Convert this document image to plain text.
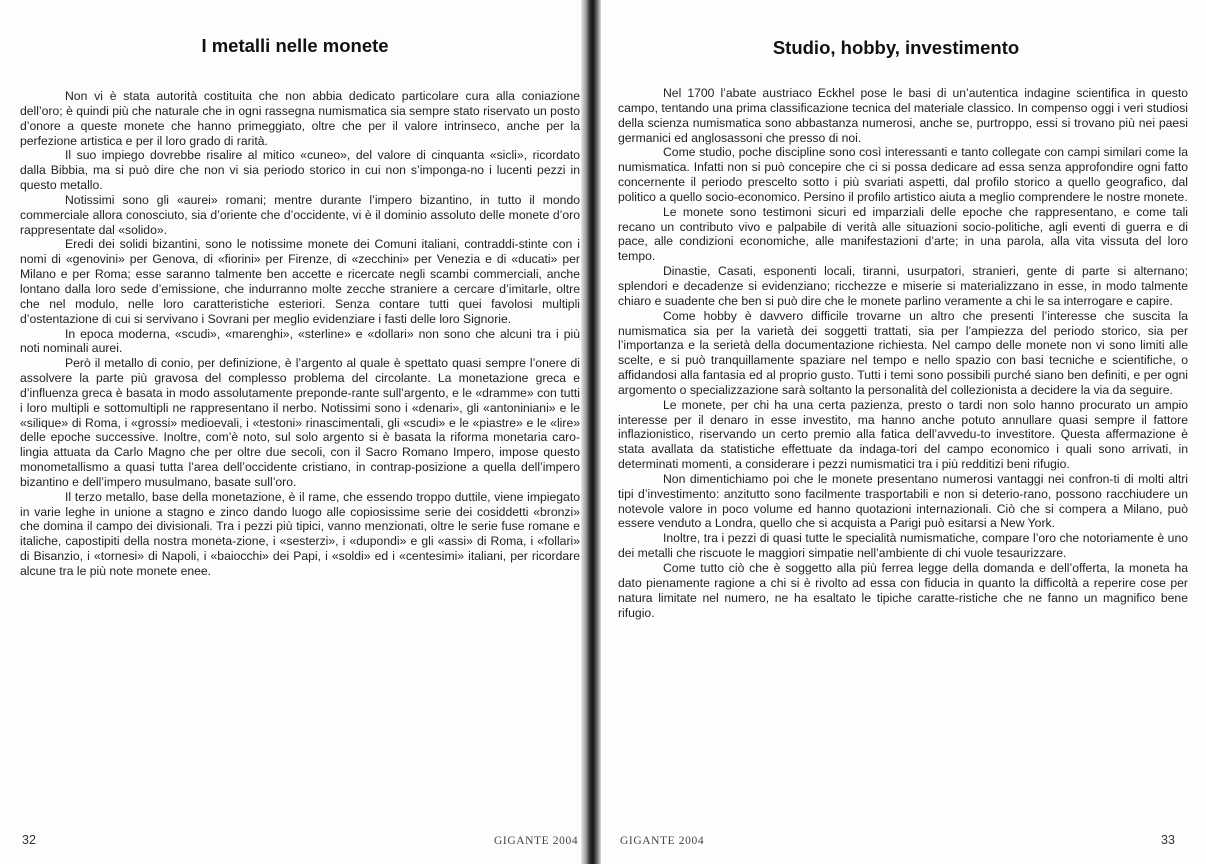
I metalli nelle monete

Non vi è stata autorità costituita che non abbia dedicato particolare cura alla coniazione dell’oro; è quindi più che naturale che in ogni rassegna numismatica sia sempre stato riservato un posto d’onore a queste monete che hanno primeggiato, oltre che per il valore intrinseco, anche per la perfezione artistica e per il loro grado di rarità.

Il suo impiego dovrebbe risalire al mitico «cuneo», del valore di cinquanta «sicli», ricordato dalla Bibbia, ma si può dire che non vi sia periodo storico in cui non s’imponga-no i lucenti pezzi in questo metallo.

Notissimi sono gli «aurei» romani; mentre durante l’impero bizantino, in tutto il mondo commerciale allora conosciuto, sia d’oriente che d’occidente, vi è il dominio assoluto delle monete d’oro rappresentate dal «solido».

Eredi dei solidi bizantini, sono le notissime monete dei Comuni italiani, contraddi-stinte con i nomi di «genovini» per Genova, di «fiorini» per Firenze, di «zecchini» per Venezia e di «ducati» per Milano e per Roma; esse saranno talmente ben accette e ricercate negli scambi commerciali, anche lontano dalla loro sede d’emissione, che indurranno molte zecche straniere a cercare d’imitarle, oltre che nel modulo, nelle loro caratteristiche esteriori. Senza contare tutti quei favolosi multipli d’ostentazione di cui si servivano i Sovrani per meglio evidenziare i fasti delle loro Signorie.

In epoca moderna, «scudi», «marenghi», «sterline» e «dollari» non sono che alcuni tra i più noti nominali aurei.

Però il metallo di conio, per definizione, è l’argento al quale è spettato quasi sempre l’onere di assolvere la parte più gravosa del complesso problema del circolante. La monetazione greca e d’influenza greca è basata in modo assolutamente preponde-rante sull’argento, e le «dramme» con tutti i loro multipli e sottomultipli ne rappresentano il nerbo. Notissimi sono i «denari», gli «antoniniani» e le «silique» di Roma, i «grossi» medioevali, i «testoni» rinascimentali, gli «scudi» e le «piastre» e le «lire» delle epoche successive. Inoltre, com’è noto, sul solo argento si è basata la riforma monetaria caro-lingia attuata da Carlo Magno che per oltre due secoli, con il Sacro Romano Impero, impose questo monometallismo a quasi tutta l’area dell’occidente cristiano, in contrap-posizione a quella dell’impero bizantino e dell’impero musulmano, basate sull’oro.

Il terzo metallo, base della monetazione, è il rame, che essendo troppo duttile, viene impiegato in varie leghe in unione a stagno e zinco dando luogo alle copiosissime serie dei cosiddetti «bronzi» che domina il campo dei divisionali. Tra i pezzi più tipici, vanno menzionati, oltre le serie fuse romane e italiche, capostipiti della nostra moneta-zione, i «sesterzi», i «dupondi» e gli «assi» di Roma, i «follari» di Bisanzio, i «tornesi» di Napoli, i «baiocchi» dei Papi, i «soldi» ed i «centesimi» italiani, per ricordare alcune tra le più note monete enee.

32	GIGANTE 2004
Studio, hobby, investimento

Nel 1700 l’abate austriaco Eckhel pose le basi di un’autentica indagine scientifica in questo campo, tentando una prima classificazione tecnica del materiale classico. In compenso oggi i veri studiosi della scienza numismatica sono abbastanza numerosi, anche se, purtroppo, essi si trovano più nei paesi germanici ed anglosassoni che presso di noi.

Come studio, poche discipline sono così interessanti e tanto collegate con campi similari come la numismatica. Infatti non si può concepire che ci si possa dedicare ad essa senza approfondire ogni fatto concernente il periodo prescelto sotto i più svariati aspetti, dal profilo storico a quello geografico, dal politico a quello socio-economico. Persino il profilo artistico aiuta a meglio comprendere le nostre monete.

Le monete sono testimoni sicuri ed imparziali delle epoche che rappresentano, e come tali recano un contributo vivo e palpabile di verità alle situazioni socio-politiche, agli eventi di guerra e di pace, alle condizioni economiche, alle manifestazioni d’arte; in una parola, alla vita vissuta del loro tempo.

Dinastie, Casati, esponenti locali, tiranni, usurpatori, stranieri, gente di parte si alternano; splendori e decadenze si evidenziano; ricchezze e miserie si materializzano in esse, in modo talmente chiaro e suadente che ben si può dire che le monete parlino veramente a chi le sa interrogare e capire.

Come hobby è davvero difficile trovarne un altro che presenti l’interesse che suscita la numismatica sia per la varietà dei soggetti trattati, sia per l’ampiezza del periodo storico, sia per l’importanza e la serietà della documentazione richiesta. Nel campo delle monete non vi sono limiti alle scelte, e si può tranquillamente spaziare nel tempo e nello spazio con basi tecniche e scientifiche, o affidandosi alla fantasia ed al proprio gusto. Tutti i temi sono possibili purché siano ben definiti, e per ogni argomento o specializzazione sarà soltanto la personalità del collezionista a decidere la via da seguire.

Le monete, per chi ha una certa pazienza, presto o tardi non solo hanno procurato un ampio interesse per il denaro in esse investito, ma hanno anche potuto annullare quasi sempre il fattore inflazionistico, riservando un certo premio alla fatica dell’avvedu-to investitore. Questa affermazione è stata avallata da statistiche effettuate da indaga-tori del campo economico i quali sono arrivati, in determinati momenti, a considerare i pezzi numismatici tra i più redditizi beni rifugio.

Non dimentichiamo poi che le monete presentano numerosi vantaggi nei confron-ti di molti altri tipi d’investimento: anzitutto sono facilmente trasportabili e non si deterio-rano, possono racchiudere un notevole valore in poco volume ed hanno quotazioni internazionali. Ciò che si compera a Milano, può essere venduto a Londra, quello che si acquista a Parigi può esitarsi a New York.

Inoltre, tra i pezzi di quasi tutte le specialità numismatiche, compare l’oro che notoriamente è uno dei metalli che riscuote le maggiori simpatie nell’ambiente di chi vuole tesaurizzare.

Come tutto ciò che è soggetto alla più ferrea legge della domanda e dell’offerta, la moneta ha dato pienamente ragione a chi si è rivolto ad essa con fiducia in quanto la difficoltà a reperire cose per natura limitate nel numero, ne ha esaltato le tipiche caratte-ristiche che ne fanno un magnifico bene rifugio.

GIGANTE 2004	33
